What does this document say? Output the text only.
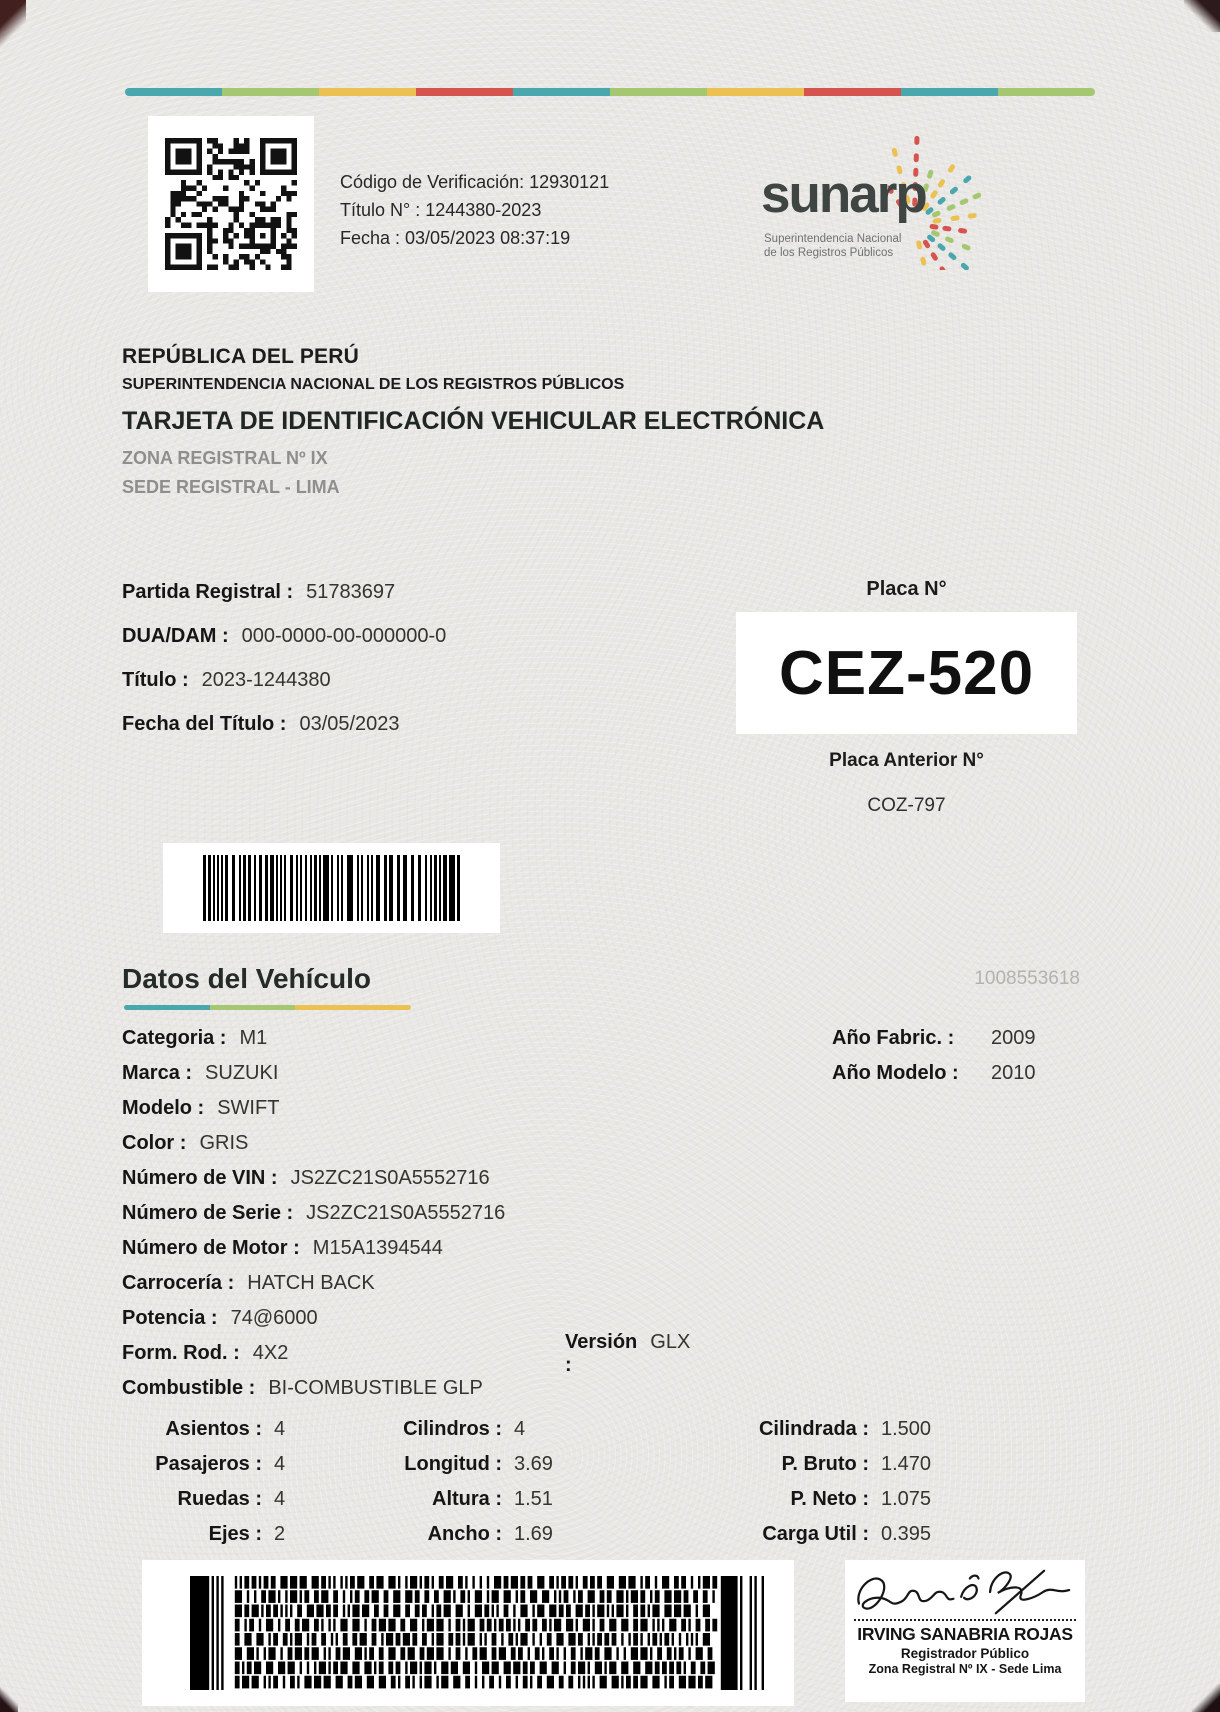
Código de Verificación: 12930121
Título N° : 1244380-2023
Fecha : 03/05/2023 08:37:19
sunarp
Superintendencia Nacional
de los Registros Públicos
REPÚBLICA DEL PERÚ
SUPERINTENDENCIA NACIONAL DE LOS REGISTROS PÚBLICOS
TARJETA DE IDENTIFICACIÓN VEHICULAR ELECTRÓNICA
ZONA REGISTRAL Nº IX
SEDE REGISTRAL - LIMA
Partida Registral : 51783697
DUA/DAM : 000-0000-00-000000-0
Título : 2023-1244380
Fecha del Título : 03/05/2023
Placa N°
CEZ-520
Placa Anterior N°
COZ-797
Datos del Vehículo	1008553618
Categoria : M1
Marca : SUZUKI
Modelo : SWIFT
Color : GRIS
Número de VIN : JS2ZC21S0A5552716
Número de Serie : JS2ZC21S0A5552716
Número de Motor : M15A1394544
Carrocería : HATCH BACK
Potencia : 74@6000
Form. Rod. : 4X2
Versión :
GLX
Combustible : BI-COMBUSTIBLE GLP
Año Fabric. :	2009
Año Modelo :	2010
Asientos : 4
Pasajeros : 4
Ruedas : 4
Ejes : 2
Cilindros : 4
Longitud : 3.69
Altura : 1.51
Ancho : 1.69
Cilindrada : 1.500
P. Bruto : 1.470
P. Neto : 1.075
Carga Util : 0.395
IRVING SANABRIA ROJAS
Registrador Público
Zona Registral Nº IX - Sede Lima
